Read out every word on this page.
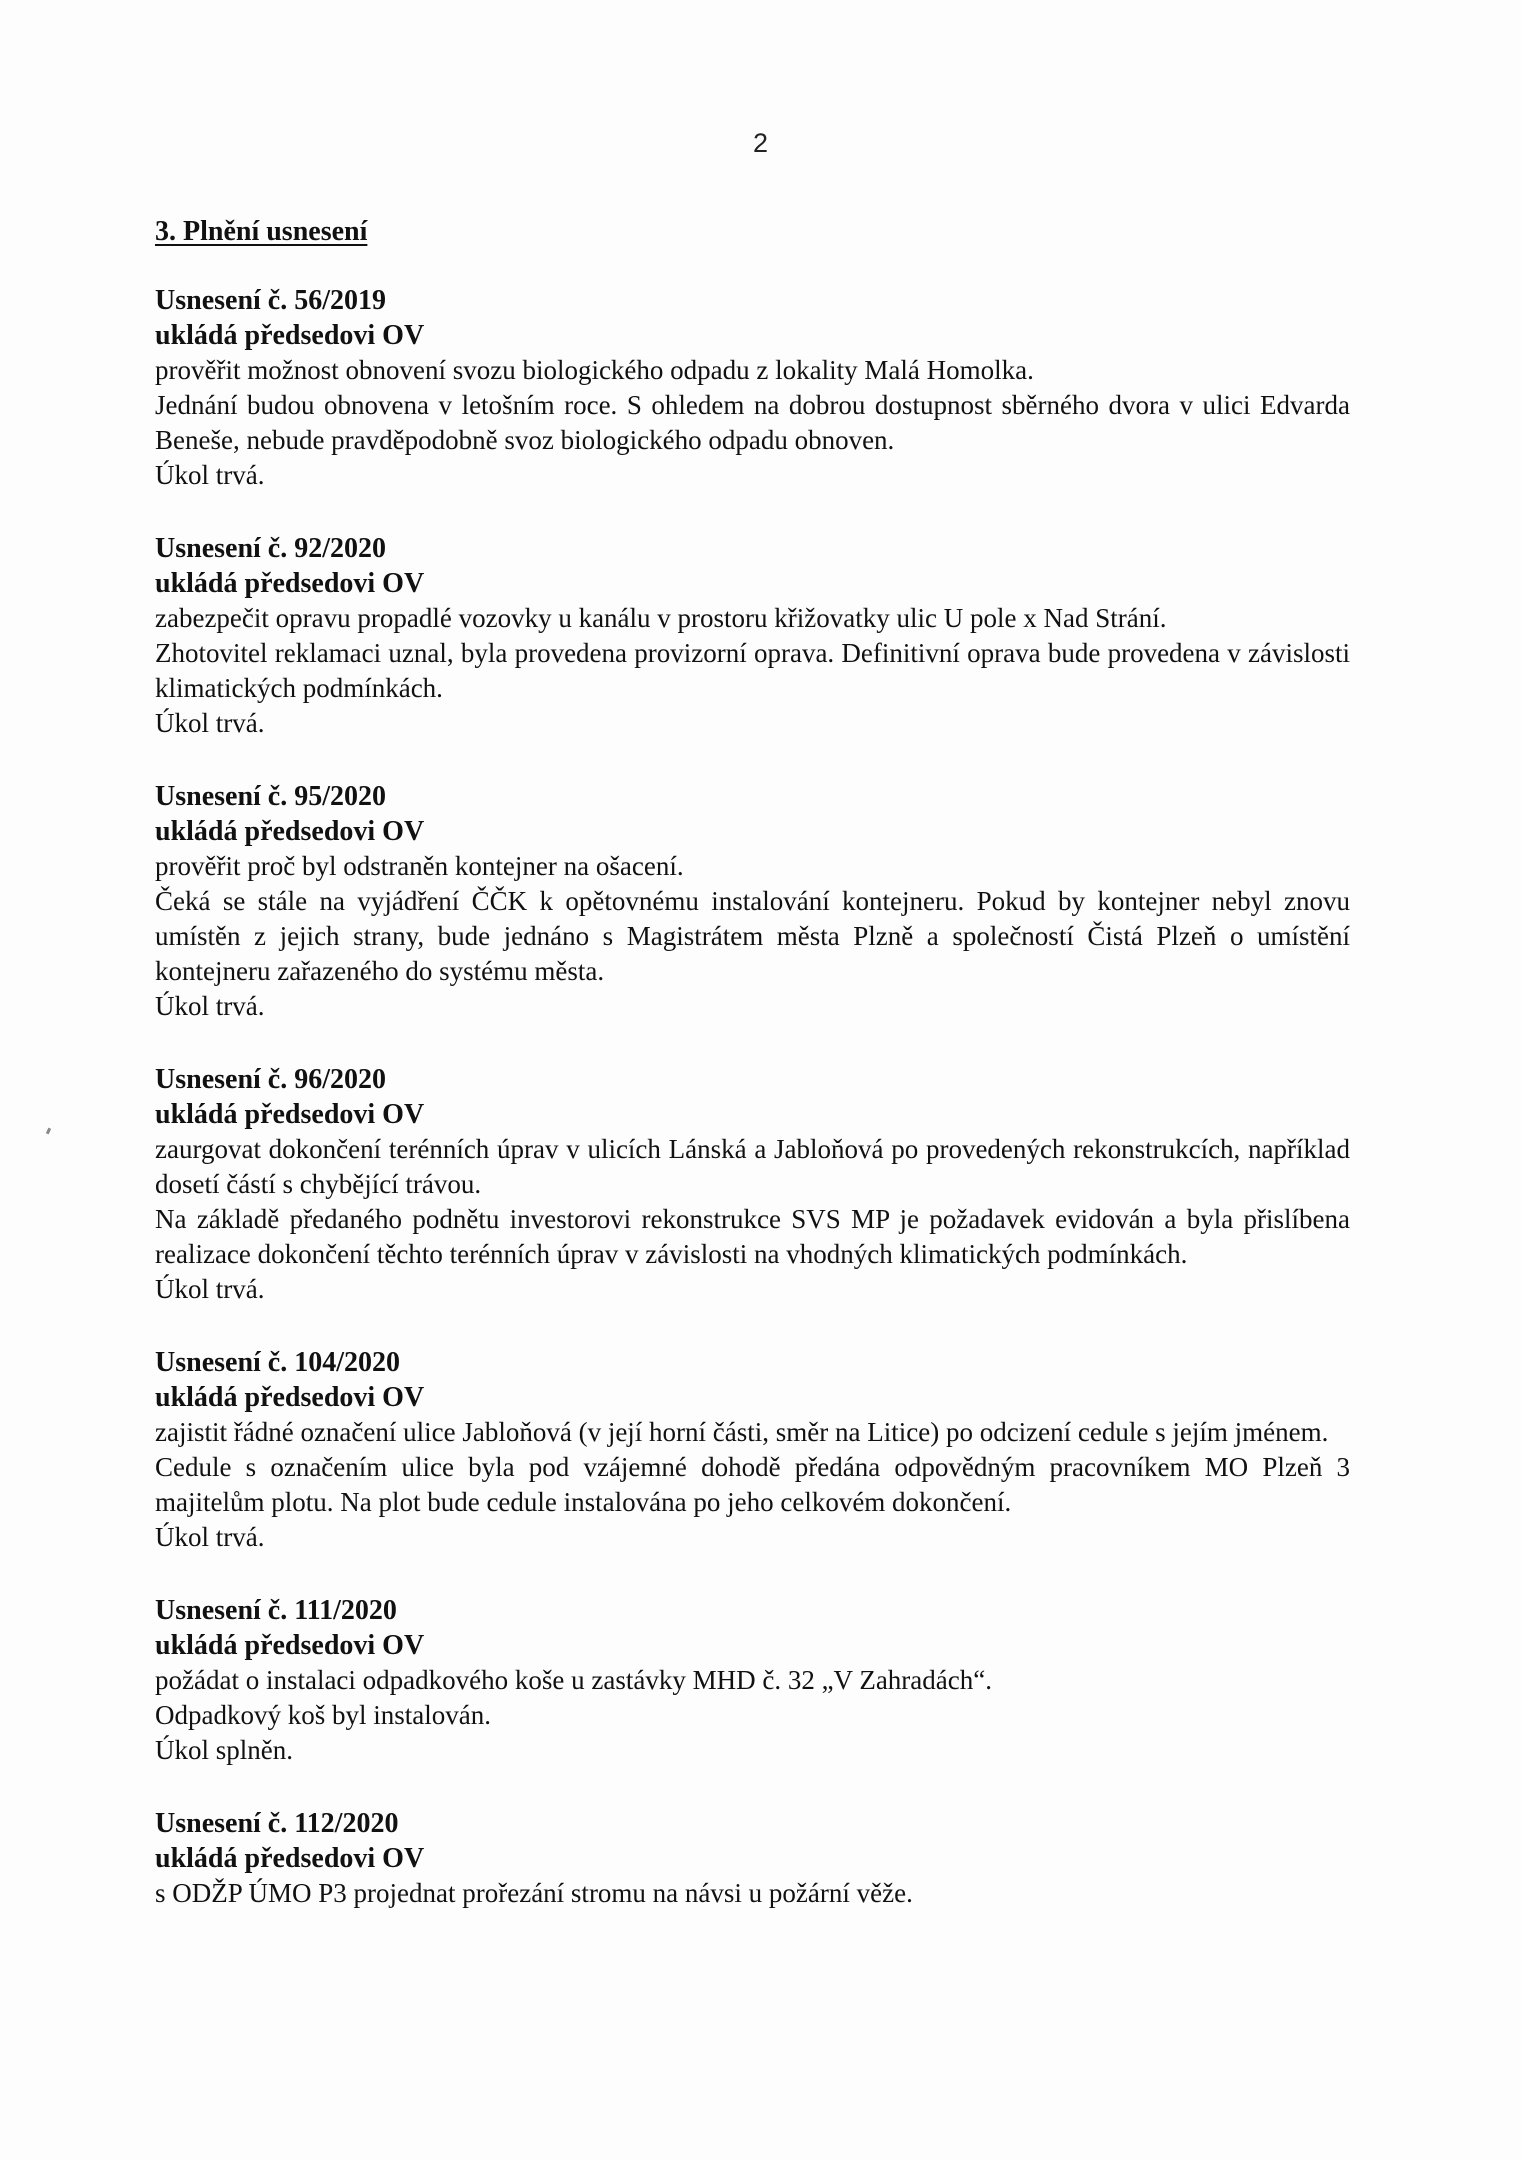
2
3. Plnění usnesení
Usnesení č. 56/2019
ukládá předsedovi OV
prověřit možnost obnovení svozu biologického odpadu z lokality Malá Homolka.
Jednání budou obnovena v letošním roce. S ohledem na dobrou dostupnost sběrného dvora v ulici Edvarda Beneše, nebude pravděpodobně svoz biologického odpadu obnoven.
Úkol trvá.
Usnesení č. 92/2020
ukládá předsedovi OV
zabezpečit opravu propadlé vozovky u kanálu v prostoru křižovatky ulic U pole x Nad Strání.
Zhotovitel reklamaci uznal, byla provedena provizorní oprava. Definitivní oprava bude provedena v závislosti klimatických podmínkách.
Úkol trvá.
Usnesení č. 95/2020
ukládá předsedovi OV
prověřit proč byl odstraněn kontejner na ošacení.
Čeká se stále na vyjádření ČČK k opětovnému instalování kontejneru. Pokud by kontejner nebyl znovu umístěn z jejich strany, bude jednáno s Magistrátem města Plzně a společností Čistá Plzeň o umístění kontejneru zařazeného do systému města.
Úkol trvá.
Usnesení č. 96/2020
ukládá předsedovi OV
zaurgovat dokončení terénních úprav v ulicích Lánská a Jabloňová po provedených rekonstrukcích, například dosetí částí s chybějící trávou.
Na základě předaného podnětu investorovi rekonstrukce SVS MP je požadavek evidován a byla přislíbena realizace dokončení těchto terénních úprav v závislosti na vhodných klimatických podmínkách.
Úkol trvá.
Usnesení č. 104/2020
ukládá předsedovi OV
zajistit řádné označení ulice Jabloňová (v její horní části, směr na Litice) po odcizení cedule s jejím jménem.
Cedule s označením ulice byla pod vzájemné dohodě předána odpovědným pracovníkem MO Plzeň 3 majitelům plotu. Na plot bude cedule instalována po jeho celkovém dokončení.
Úkol trvá.
Usnesení č. 111/2020
ukládá předsedovi OV
požádat o instalaci odpadkového koše u zastávky MHD č. 32 „V Zahradách“.
Odpadkový koš byl instalován.
Úkol splněn.
Usnesení č. 112/2020
ukládá předsedovi OV
s ODŽP ÚMO P3 projednat prořezání stromu na návsi u požární věže.
